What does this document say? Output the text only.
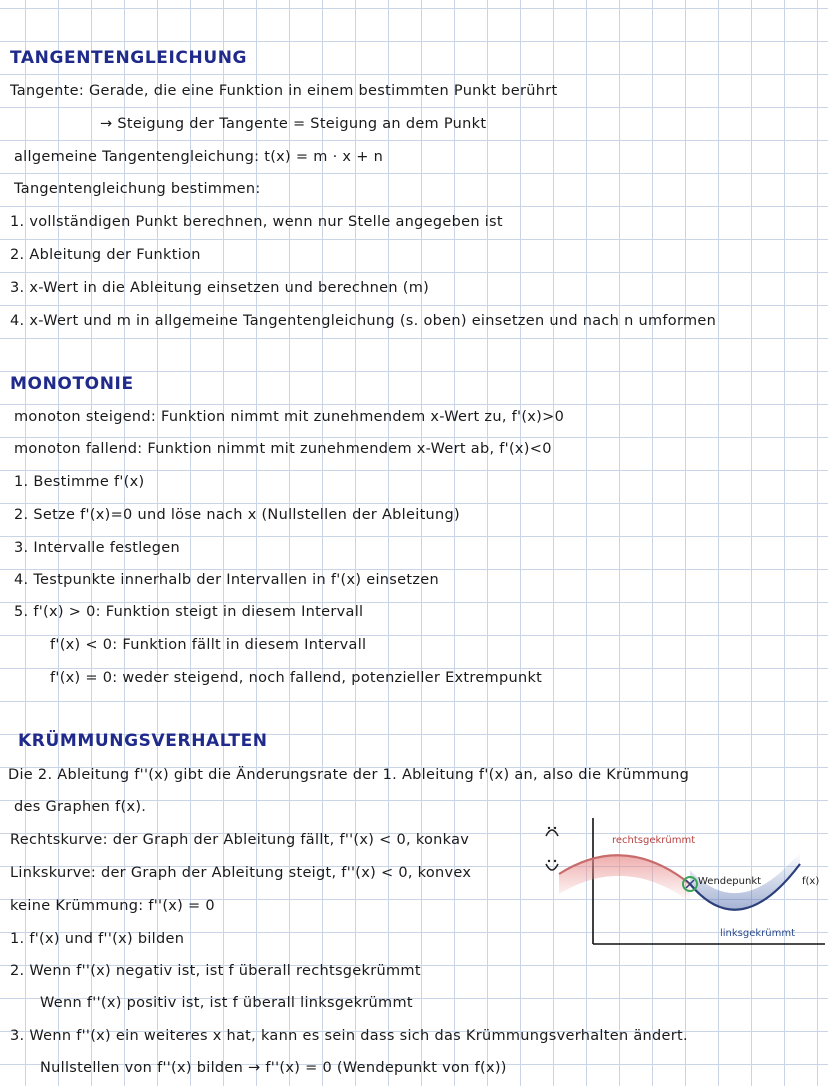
TANGENTENGLEICHUNG
Tangente: Gerade, die eine Funktion in einem bestimmten Punkt berührt
→ Steigung der Tangente = Steigung an dem Punkt
allgemeine Tangentengleichung: t(x) = m · x + n
Tangentengleichung bestimmen:
1. vollständigen Punkt berechnen, wenn nur Stelle angegeben ist
2. Ableitung der Funktion
3. x-Wert in die Ableitung einsetzen und berechnen (m)
4. x-Wert und m in allgemeine Tangentengleichung (s. oben) einsetzen und nach n umformen
MONOTONIE
monoton steigend: Funktion nimmt mit zunehmendem x-Wert zu, f'(x)>0
monoton fallend: Funktion nimmt mit zunehmendem x-Wert ab, f'(x)<0
1. Bestimme f'(x)
2. Setze f'(x)=0 und löse nach x (Nullstellen der Ableitung)
3. Intervalle festlegen
4. Testpunkte innerhalb der Intervallen in f'(x) einsetzen
5. f'(x) > 0: Funktion steigt in diesem Intervall
f'(x) < 0: Funktion fällt in diesem Intervall
f'(x) = 0: weder steigend, noch fallend, potenzieller Extrempunkt
KRÜMMUNGSVERHALTEN
Die 2. Ableitung f''(x) gibt die Änderungsrate der 1. Ableitung f'(x) an, also die Krümmung
des Graphen f(x).
Rechtskurve: der Graph der Ableitung fällt, f''(x) < 0, konkav
Linkskurve: der Graph der Ableitung steigt, f''(x) < 0, konvex
keine Krümmung: f''(x) = 0
1. f'(x) und f''(x) bilden
2. Wenn f''(x) negativ ist, ist f überall rechtsgekrümmt
Wenn f''(x) positiv ist, ist f überall linksgekrümmt
3. Wenn f''(x) ein weiteres x hat, kann es sein dass sich das Krümmungsverhalten ändert.
Nullstellen von f''(x) bilden → f''(x) = 0 (Wendepunkt von f(x))
rechtsgekrümmt
Wendepunkt	f(x)
linksgekrümmt
